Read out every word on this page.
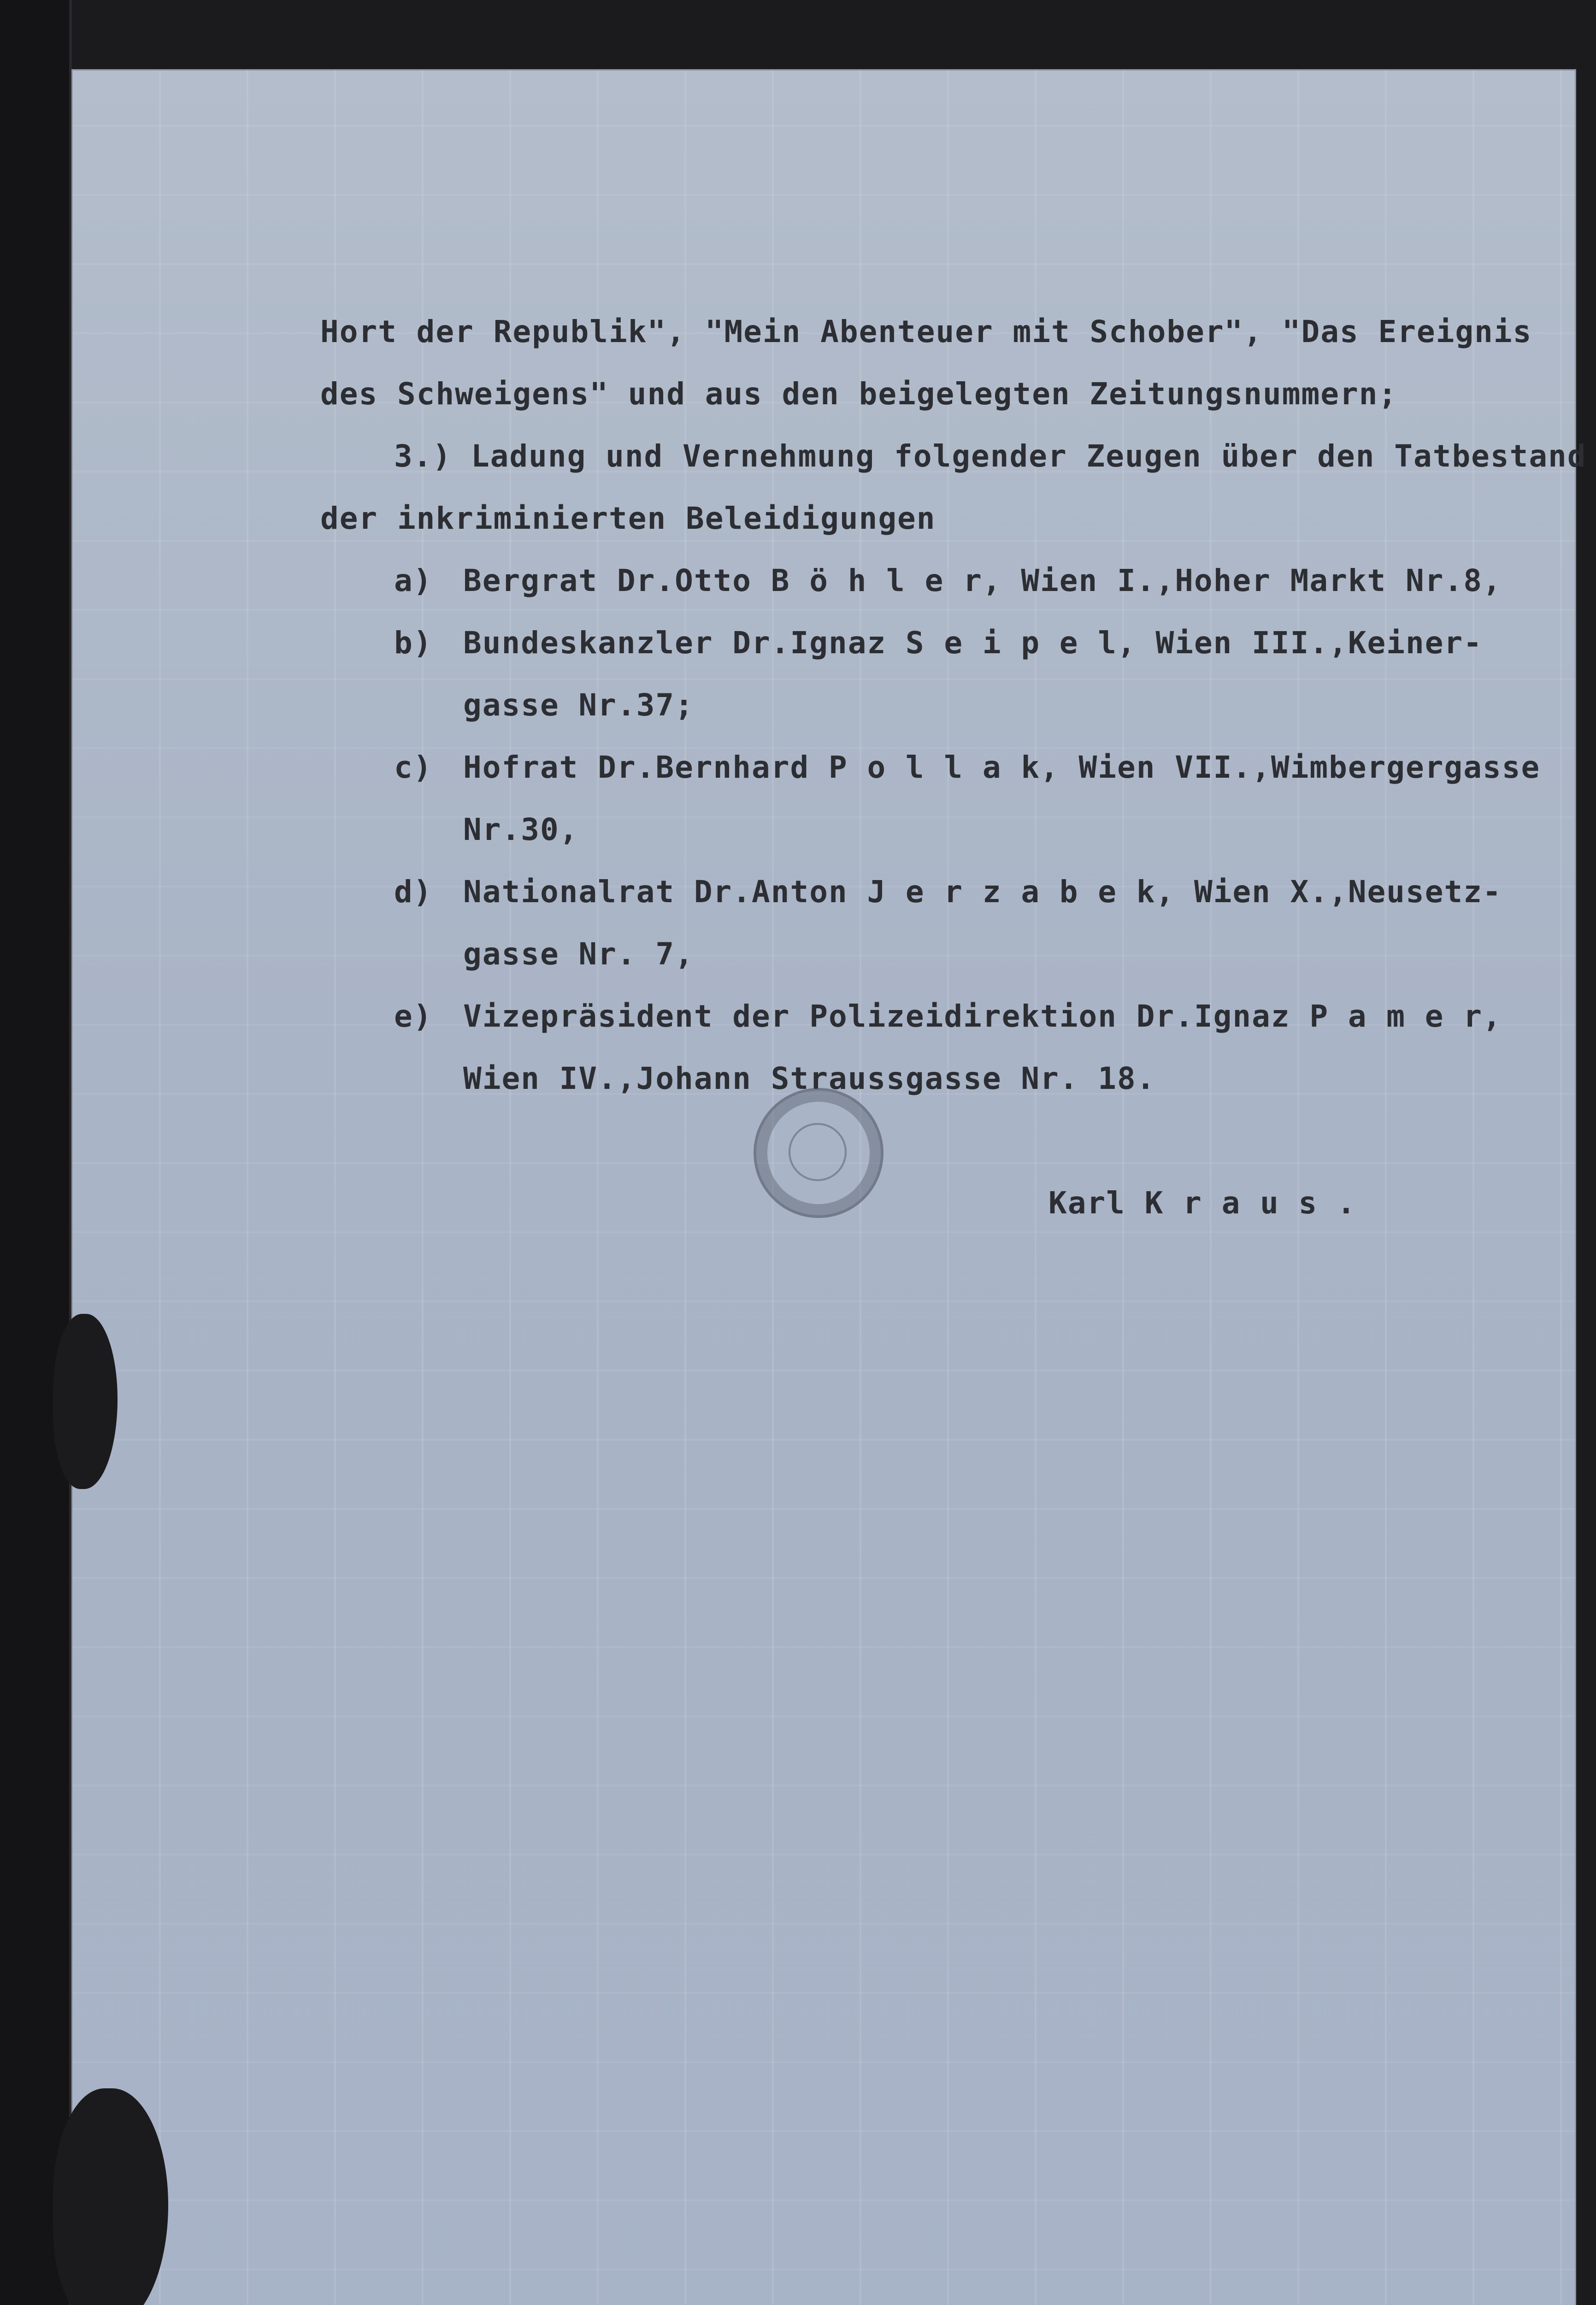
Hort der Republik", "Mein Abenteuer mit Schober", "Das Ereignis
des Schweigens" und aus den beigelegten Zeitungsnummern;
3.) Ladung und Vernehmung folgender Zeugen über den Tatbestand
der inkriminierten Beleidigungen
a) Bergrat Dr.Otto B ö h l e r, Wien I.,Hoher Markt Nr.8,
b) Bundeskanzler Dr.Ignaz S e i p e l, Wien III.,Keiner-
gasse Nr.37;
c) Hofrat Dr.Bernhard P o l l a k, Wien VII.,Wimbergergasse
Nr.30,
d) Nationalrat Dr.Anton J e r z a b e k, Wien X.,Neusetz-
gasse Nr. 7,
e) Vizepräsident der Polizeidirektion Dr.Ignaz P a m e r,
Wien IV.,Johann Straussgasse Nr. 18.
Karl K r a u s .
